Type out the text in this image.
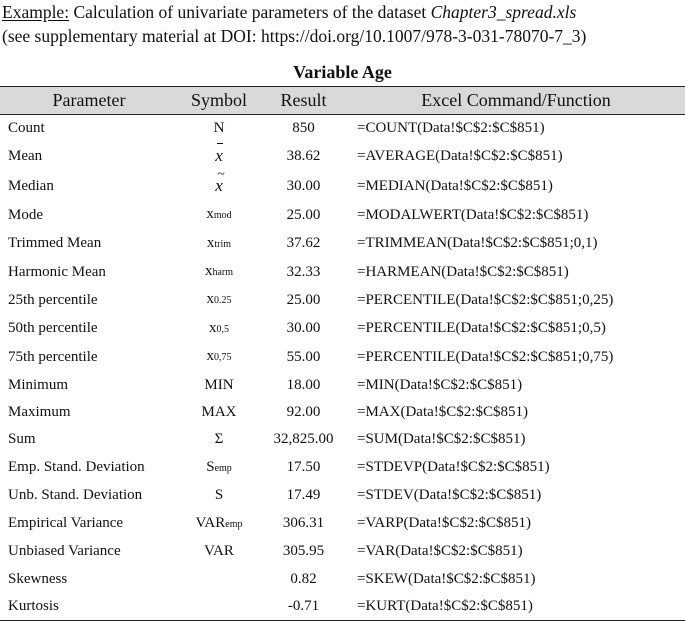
Example: Calculation of univariate parameters of the dataset Chapter3_spread.xls
(see supplementary material at DOI: https://doi.org/10.1007/978-3-031-78070-7_3)
Variable Age
Parameter	Symbol	Result	Excel Command/Function
Count	N	850	=COUNT(Data!$C$2:$C$851)
Mean	x	38.62	=AVERAGE(Data!$C$2:$C$851)
Median	~ x	30.00	=MEDIAN(Data!$C$2:$C$851)
Mode	xmod	25.00	=MODALWERT(Data!$C$2:$C$851)
Trimmed Mean	xtrim	37.62	=TRIMMEAN(Data!$C$2:$C$851;0,1)
Harmonic Mean	xharm	32.33	=HARMEAN(Data!$C$2:$C$851)
25th percentile	x0.25	25.00	=PERCENTILE(Data!$C$2:$C$851;0,25)
50th percentile	x0,5	30.00	=PERCENTILE(Data!$C$2:$C$851;0,5)
75th percentile	x0,75	55.00	=PERCENTILE(Data!$C$2:$C$851;0,75)
Minimum	MIN	18.00	=MIN(Data!$C$2:$C$851)
Maximum	MAX	92.00	=MAX(Data!$C$2:$C$851)
Sum	Σ	32,825.00	=SUM(Data!$C$2:$C$851)
Emp. Stand. Deviation	Semp	17.50	=STDEVP(Data!$C$2:$C$851)
Unb. Stand. Deviation	S	17.49	=STDEV(Data!$C$2:$C$851)
Empirical Variance	VARemp	306.31	=VARP(Data!$C$2:$C$851)
Unbiased Variance	VAR	305.95	=VAR(Data!$C$2:$C$851)
Skewness		0.82	=SKEW(Data!$C$2:$C$851)
Kurtosis		-0.71	=KURT(Data!$C$2:$C$851)
